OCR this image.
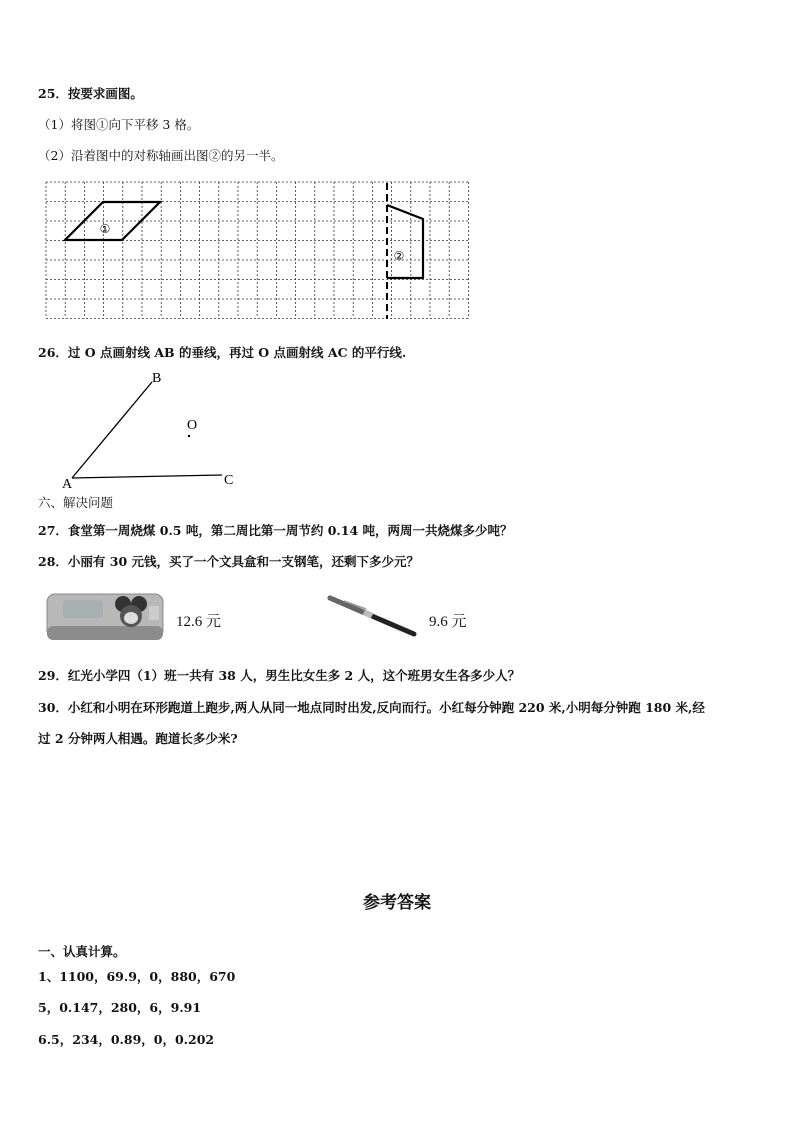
25．按要求画图。
（1）将图①向下平移 3 格。
（2）沿着图中的对称轴画出图②的另一半。
①
②
26．过 O 点画射线 AB 的垂线，再过 O 点画射线 AC 的平行线.
B
O
A	C
六、解决问题
27．食堂第一周烧煤 0.5 吨，第二周比第一周节约 0.14 吨，两周一共烧煤多少吨？
28．小丽有 30 元钱，买了一个文具盒和一支钢笔，还剩下多少元？
12.6 元	9.6 元
29．红光小学四（1）班一共有 38 人，男生比女生多 2 人，这个班男女生各多少人？
30．小红和小明在环形跑道上跑步,两人从同一地点同时出发,反向而行。小红每分钟跑 220 米,小明每分钟跑 180 米,经
过 2 分钟两人相遇。跑道长多少米?
参考答案
一、认真计算。
1、1100，69.9，0，880，670
5，0.147，280，6，9.91
6.5，234，0.89，0，0.202
